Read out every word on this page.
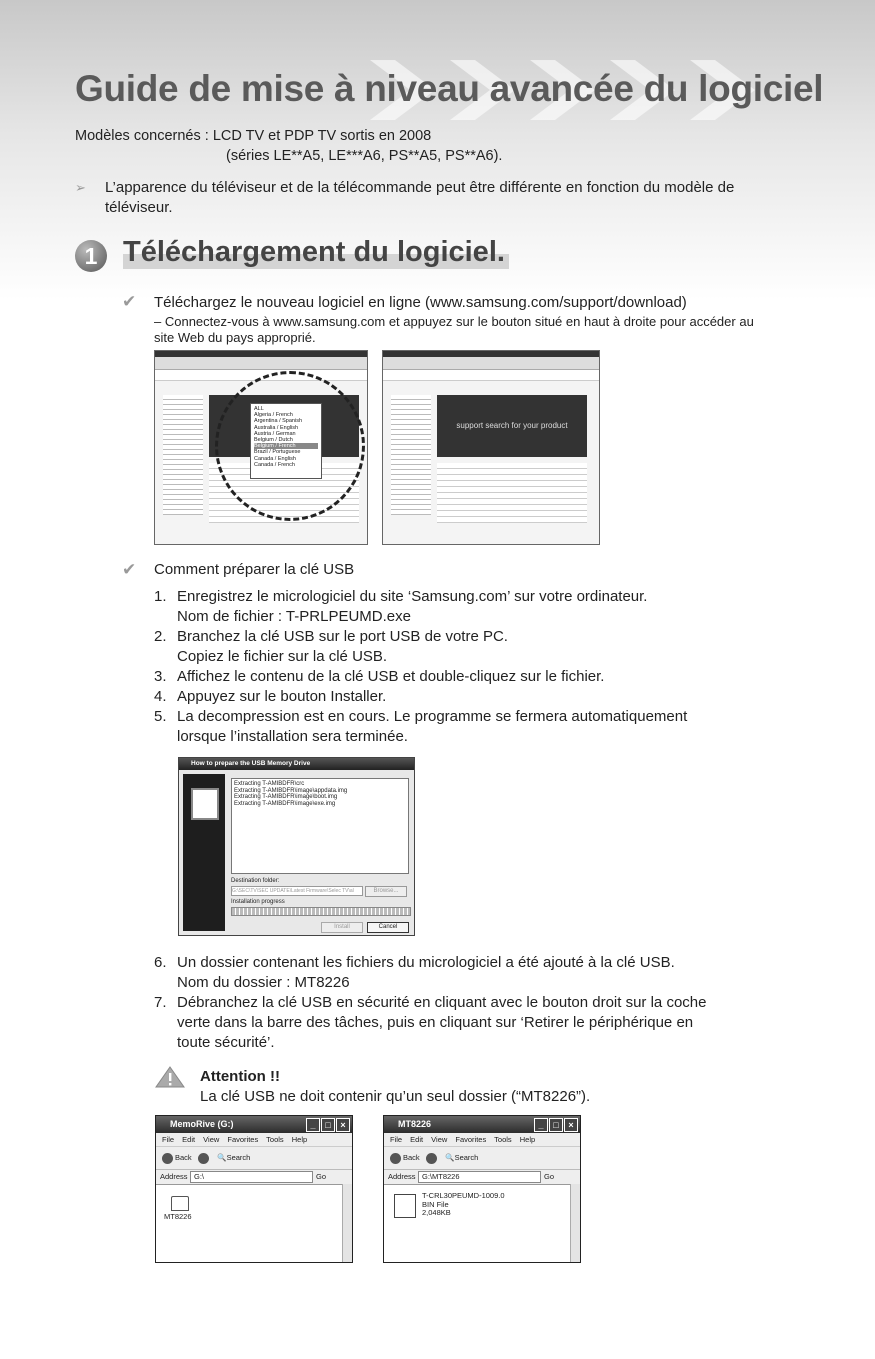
Guide de mise à niveau avancée du logiciel
Modèles concernés : LCD TV et PDP TV sortis en 2008
(séries LE**A5, LE***A6, PS**A5, PS**A6).
➢	L’apparence du téléviseur et de la télécommande peut être différente en fonction du modèle de téléviseur.
1 Téléchargement du logiciel.
✔ Téléchargez le nouveau logiciel en ligne (www.samsung.com/support/download)
– Connectez-vous à www.samsung.com et appuyez sur le bouton situé en haut à droite pour accéder au site Web du pays approprié.
ALL
Algeria / French
Argentina / Spanish
Australia / English
Austria / German
Belgium / Dutch
Belgium / French
Brazil / Portuguese
Canada / English
Canada / French
support search for your product
✔ Comment préparer la clé USB
1. Enregistrez le micrologiciel du site ‘Samsung.com’ sur votre ordinateur.
Nom de fichier : T-PRLPEUMD.exe
2. Branchez la clé USB sur le port USB de votre PC.
Copiez le fichier sur la clé USB.
3. Affichez le contenu de la clé USB et double-cliquez sur le fichier.
4. Appuyez sur le bouton Installer.
5. La decompression est en cours. Le programme se fermera automatiquement
lorsque l’installation sera terminée.
How to prepare the USB Memory Drive
Extracting T-AMIBDFR\crc
Extracting T-AMIBDFR\image\appdata.img
Extracting T-AMIBDFR\image\boot.img
Extracting T-AMIBDFR\image\exe.img
Destination folder:
G:\SEC\TV\SEC UPDATE\Latest Firmware\Selec TV\al	Browse...
Installation progress
Install	Cancel
6. Un dossier contenant les fichiers du micrologiciel a été ajouté à la clé USB.
Nom du dossier : MT8226
7. Débranchez la clé USB en sécurité en cliquant avec le bouton droit sur la coche
verte dans la barre des tâches, puis en cliquant sur ‘Retirer le périphérique en
toute sécurité’.
Attention !!
La clé USB ne doit contenir qu’un seul dossier (“MT8226”).
MemoRive (G:)	_	□	×
File Edit View Favorites Tools Help
Back	🔍Search
Address G:\	Go
MT8226
MT8226	_	□	×
File Edit View Favorites Tools Help
Back	🔍Search
Address G:\MT8226	Go
T-CRL30PEUMD-1009.0
BIN File
2,048KB
